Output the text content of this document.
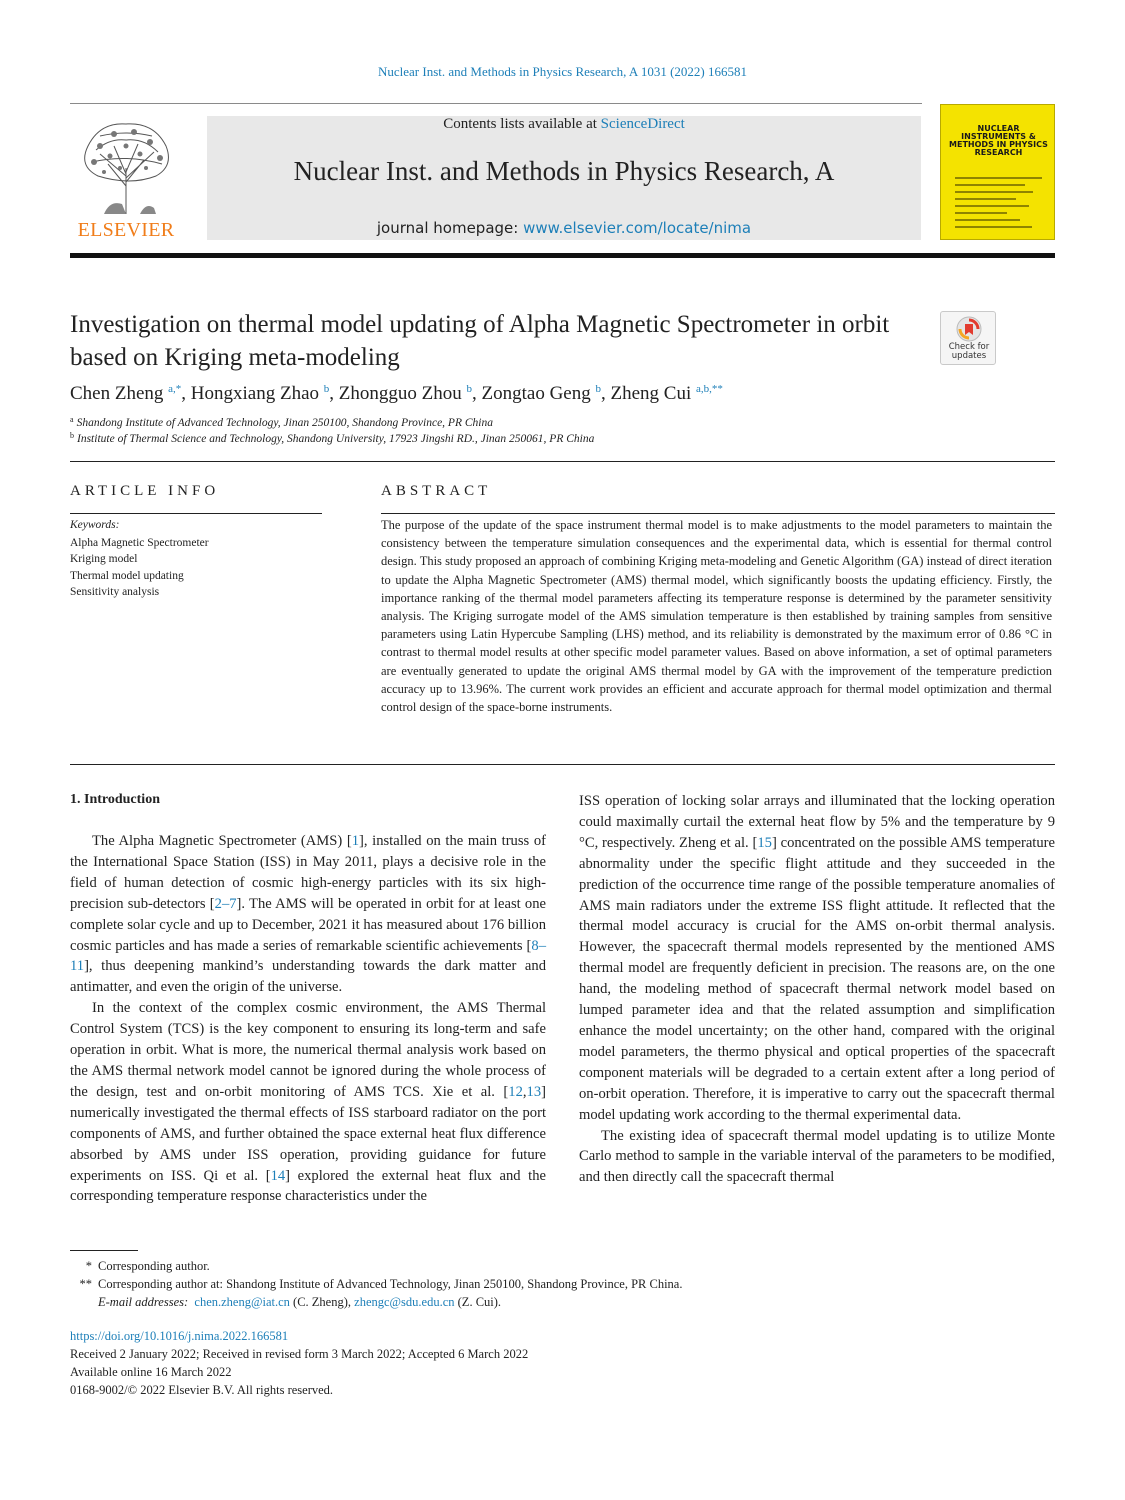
Nuclear Inst. and Methods in Physics Research, A 1031 (2022) 166581
ELSEVIER
Contents lists available at ScienceDirect
Nuclear Inst. and Methods in Physics Research, A
journal homepage: www.elsevier.com/locate/nima
NUCLEAR INSTRUMENTS & METHODS IN PHYSICS RESEARCH
Investigation on thermal model updating of Alpha Magnetic Spectrometer in orbit based on Kriging meta-modeling	Check for updates
Chen Zheng $^{a,*}$, Hongxiang Zhao $^b$, Zhongguo Zhou $^b$, Zongtao Geng $^b$, Zheng Cui $^{a,b,**}$
$^a$ Shandong Institute of Advanced Technology, Jinan 250100, Shandong Province, PR China
$^b$ Institute of Thermal Science and Technology, Shandong University, 17923 Jingshi RD., Jinan 250061, PR China
ARTICLE INFO
Keywords:
Alpha Magnetic Spectrometer
Kriging model
Thermal model updating
Sensitivity analysis
ABSTRACT
The purpose of the update of the space instrument thermal model is to make adjustments to the model parameters to maintain the consistency between the temperature simulation consequences and the experimental data, which is essential for thermal control design. This study proposed an approach of combining Kriging meta-modeling and Genetic Algorithm (GA) instead of direct iteration to update the Alpha Magnetic Spectrometer (AMS) thermal model, which significantly boosts the updating efficiency. Firstly, the importance ranking of the thermal model parameters affecting its temperature response is determined by the parameter sensitivity analysis. The Kriging surrogate model of the AMS simulation temperature is then established by training samples from sensitive parameters using Latin Hypercube Sampling (LHS) method, and its reliability is demonstrated by the maximum error of 0.86 °C in contrast to thermal model results at other specific model parameter values. Based on above information, a set of optimal parameters are eventually generated to update the original AMS thermal model by GA with the improvement of the temperature prediction accuracy up to 13.96%. The current work provides an efficient and accurate approach for thermal model optimization and thermal control design of the space-borne instruments.
1. Introduction

The Alpha Magnetic Spectrometer (AMS) [1], installed on the main truss of the International Space Station (ISS) in May 2011, plays a decisive role in the field of human detection of cosmic high-energy particles with its six high-precision sub-detectors [2–7]. The AMS will be operated in orbit for at least one complete solar cycle and up to December, 2021 it has measured about 176 billion cosmic particles and has made a series of remarkable scientific achievements [8–11], thus deepening mankind’s understanding towards the dark matter and antimatter, and even the origin of the universe.

In the context of the complex cosmic environment, the AMS Thermal Control System (TCS) is the key component to ensuring its long-term and safe operation in orbit. What is more, the numerical thermal analysis work based on the AMS thermal network model cannot be ignored during the whole process of the design, test and on-orbit monitoring of AMS TCS. Xie et al. [12,13] numerically investigated the thermal effects of ISS starboard radiator on the port components of AMS, and further obtained the space external heat flux difference absorbed by AMS under ISS operation, providing guidance for future experiments on ISS. Qi et al. [14] explored the external heat flux and the corresponding temperature response characteristics under the

ISS operation of locking solar arrays and illuminated that the locking operation could maximally curtail the external heat flow by 5% and the temperature by 9 °C, respectively. Zheng et al. [15] concentrated on the possible AMS temperature abnormality under the specific flight attitude and they succeeded in the prediction of the occurrence time range of the possible temperature anomalies of AMS main radiators under the extreme ISS flight attitude. It reflected that the thermal model accuracy is crucial for the AMS on-orbit thermal analysis. However, the spacecraft thermal models represented by the mentioned AMS thermal model are frequently deficient in precision. The reasons are, on the one hand, the modeling method of spacecraft thermal network model based on lumped parameter idea and that the related assumption and simplification enhance the model uncertainty; on the other hand, compared with the original model parameters, the thermo physical and optical properties of the spacecraft component materials will be degraded to a certain extent after a long period of on-orbit operation. Therefore, it is imperative to carry out the spacecraft thermal model updating work according to the thermal experimental data.

The existing idea of spacecraft thermal model updating is to utilize Monte Carlo method to sample in the variable interval of the parameters to be modified, and then directly call the spacecraft thermal

* Corresponding author.
** Corresponding author at: Shandong Institute of Advanced Technology, Jinan 250100, Shandong Province, PR China.
E-mail addresses: chen.zheng@iat.cn (C. Zheng), zhengc@sdu.edu.cn (Z. Cui).
https://doi.org/10.1016/j.nima.2022.166581
Received 2 January 2022; Received in revised form 3 March 2022; Accepted 6 March 2022
Available online 16 March 2022
0168-9002/© 2022 Elsevier B.V. All rights reserved.
